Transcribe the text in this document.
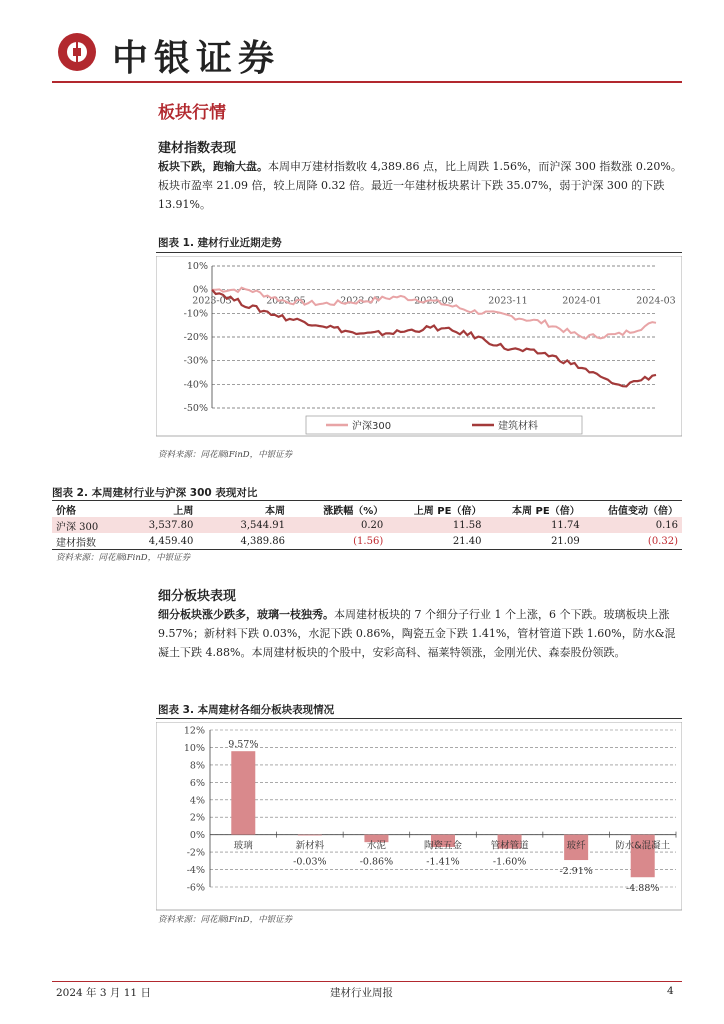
中银证券
板块行情
建材指数表现
板块下跌，跑输大盘。本周申万建材指数收 4,389.86 点，比上周跌 1.56%，而沪深 300 指数涨 0.20%。板块市盈率 21.09 倍，较上周降 0.32 倍。最近一年建材板块累计下跌 35.07%，弱于沪深 300 的下跌 13.91%。
图表 1. 建材行业近期走势
10%
0%
-10%
-20%
-30%
-40%
-50%
2023-03	2023-05	2023-07	2023-09	2023-11	2024-01	2024-03
沪深300	建筑材料
资料来源：同花顺iFinD，中银证券
图表 2. 本周建材行业与沪深 300 表现对比
价格	上周	本周	涨跌幅（%）	上周 PE（倍）	本周 PE（倍）	估值变动（倍）
沪深 300	3,537.80	3,544.91	0.20	11.58	11.74	0.16
建材指数	4,459.40	4,389.86	(1.56)	21.40	21.09	(0.32)
资料来源：同花顺iFinD，中银证券
细分板块表现
细分板块涨少跌多，玻璃一枝独秀。本周建材板块的 7 个细分子行业 1 个上涨，6 个下跌。玻璃板块上涨 9.57%；新材料下跌 0.03%，水泥下跌 0.86%，陶瓷五金下跌 1.41%，管材管道下跌 1.60%，防水&混凝土下跌 4.88%。本周建材板块的个股中，安彩高科、福莱特领涨，金刚光伏、森泰股份领跌。
图表 3. 本周建材各细分板块表现情况
12%
10%
8%
6%
4%
2%
0%
-2%
-4%
-6%
玻璃
9.57%
新材料
-0.03%
水泥
-0.86%
陶瓷五金
-1.41%
管材管道
-1.60%
玻纤
-2.91%
防水&混凝土
-4.88%
资料来源：同花顺iFinD，中银证券
2024 年 3 月 11 日	建材行业周报	4
